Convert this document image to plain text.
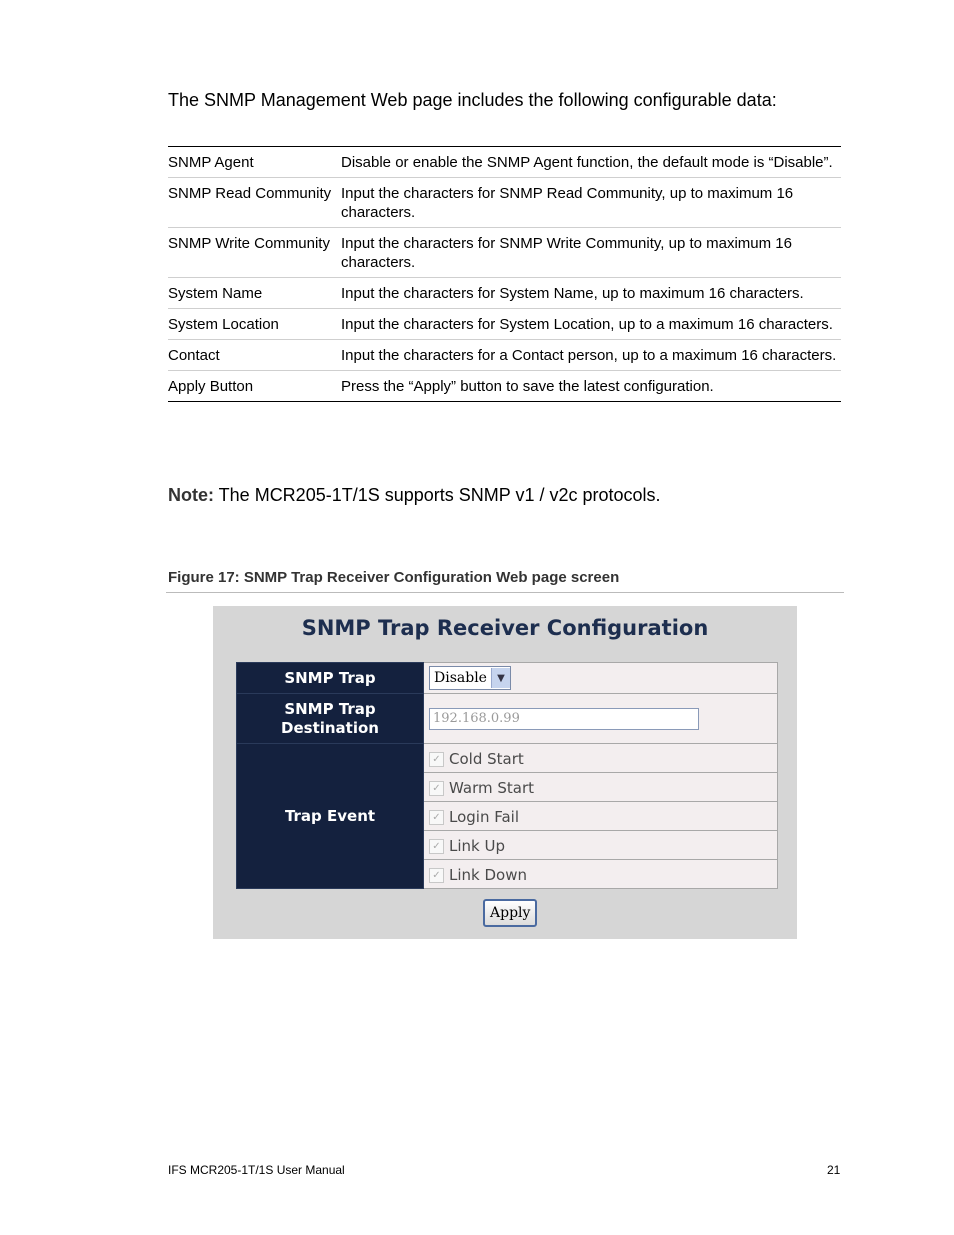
The SNMP Management Web page includes the following configurable data:
SNMP Agent	Disable or enable the SNMP Agent function, the default mode is “Disable”.
SNMP Read Community	Input the characters for SNMP Read Community, up to maximum 16 characters.
SNMP Write Community	Input the characters for SNMP Write Community, up to maximum 16 characters.
System Name	Input the characters for System Name, up to maximum 16 characters.
System Location	Input the characters for System Location, up to a maximum 16 characters.
Contact	Input the characters for a Contact person, up to a maximum 16 characters.
Apply Button	Press the “Apply” button to save the latest configuration.
Note: The MCR205-1T/1S supports SNMP v1 / v2c protocols.
Figure 17: SNMP Trap Receiver Configuration Web page screen
SNMP Trap Receiver Configuration
SNMP Trap	Disable ▼

SNMP Trap
Destination	192.168.0.99

Trap Event	✓ Cold Start

✓ Warm Start

✓ Login Fail

✓ Link Up

✓ Link Down
Apply
IFS MCR205-1T/1S User Manual	21
